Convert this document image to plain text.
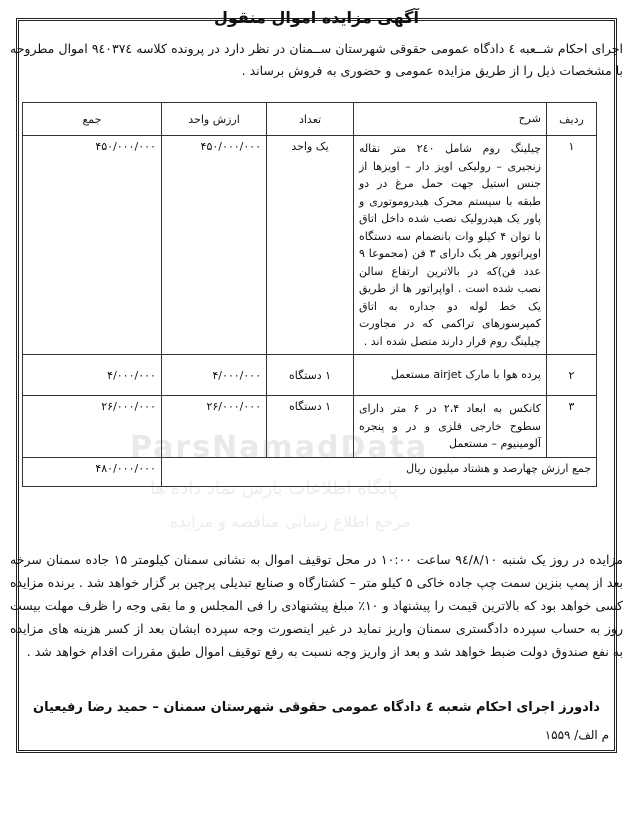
آگهی مزایده اموال منقول
اجرای احکام شــعبه ٤ دادگاه عمومی حقوقی شهرستان ســمنان در نظر دارد در پرونده کلاسه ۹٤۰۳۷٤ اموال مطروحه با مشخصات ذیل را از طریق مزایده عمومی و حضوری به فروش برساند .
ردیف	شرح	تعداد	ارزش واحد	جمع
۱	چیلینگ روم شامل ۲٤۰ متر نقاله زنجیری – رولیکی اویز دار – اویزها از جنس استیل جهت حمل مرغ در دو طبقه با سیستم محرک هیدروموتوری و پاور یک هیدرولیک نصب شده داخل اتاق با توان ۴ کیلو وات بانضمام سه دستگاه اوپراتوور هر یک دارای ۳ فن (مجموعا ۹ عدد فن)که در بالاترین ارتفاع سالن نصب شده است . اواپراتور ها از طریق یک خط لوله دو جداره به اتاق کمپرسورهای تراکمی که در مجاورت چیلینگ روم قرار دارند متصل شده اند .	یک واحد	۴۵۰/۰۰۰/۰۰۰	۴۵۰/۰۰۰/۰۰۰
۲	پرده هوا با مارک airjet مستعمل	۱ دستگاه	۴/۰۰۰/۰۰۰	۴/۰۰۰/۰۰۰
۳	کانکس به ابعاد ۲،۴ در ۶ متر دارای سطوح خارجی فلزی و در و پنجره آلومینیوم – مستعمل	۱ دستگاه	۲۶/۰۰۰/۰۰۰	۲۶/۰۰۰/۰۰۰
جمع ارزش چهارصد و هشتاد میلیون ریال				۴۸۰/۰۰۰/۰۰۰
ParsNamadData
پایگاه اطلاعات پارس نماد داده ها
مرجع اطلاع رسانی مناقصه و مزایده
مزایده در روز یک شنبه ۹٤/۸/۱۰ ساعت ۱۰:۰۰ در محل توقیف اموال به نشانی سمنان کیلومتر ۱۵ جاده سمنان سرخه بعد از پمپ بنزین سمت چپ جاده خاکی ۵ کیلو متر – کشتارگاه و صنایع تبدیلی پرچین بر گزار خواهد شد . برنده مزایده کسی خواهد بود که بالاترین قیمت را پیشنهاد و ۱۰٪ مبلغ پیشنهادی را فی المجلس و ما بقی وجه را ظرف مهلت بیست روز به حساب سپرده دادگستری سمنان واریز نماید در غیر اینصورت وجه سپرده ایشان بعد از کسر هزینه های مزایده به نفع صندوق دولت ضبط خواهد شد و بعد از واریز وجه نسبت به رفع توقیف اموال طبق مقررات اقدام خواهد شد .
دادورز اجرای احکام شعبه ٤ دادگاه عمومی حقوقی شهرستان سمنان – حمید رضا رفیعیان
م الف/ ۱۵۵۹
